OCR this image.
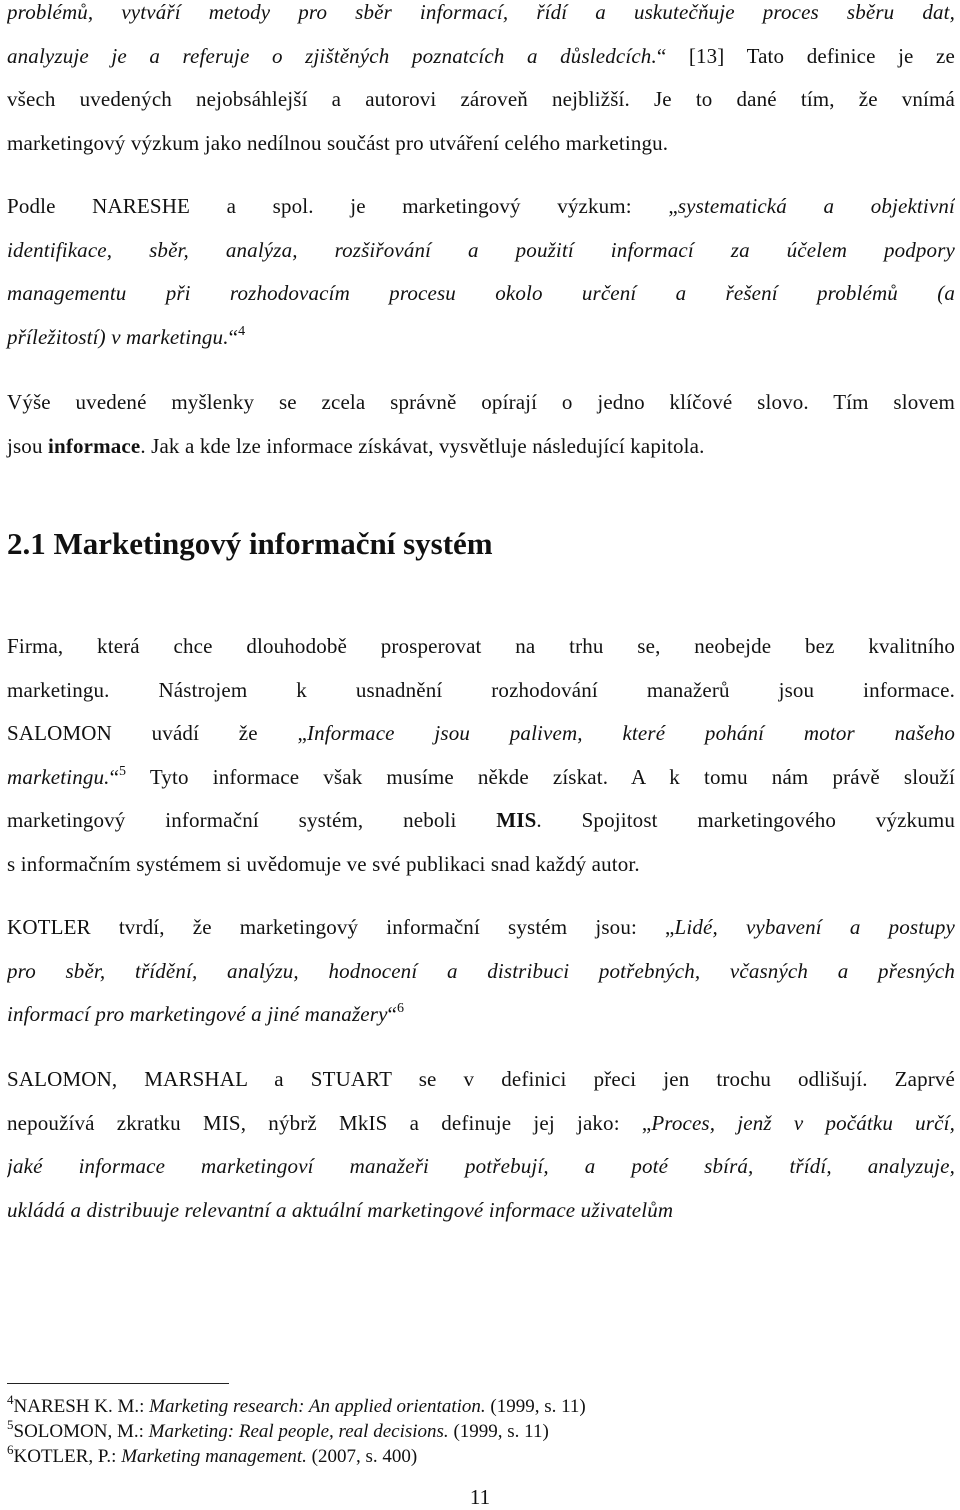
problémů, vytváří metody pro sběr informací, řídí a uskutečňuje proces sběru dat,
analyzuje je a referuje o zjištěných poznatcích a důsledcích.“ [13] Tato definice je ze
všech uvedených nejobsáhlejší a autorovi zároveň nejbližší. Je to dané tím, že vnímá
marketingový výzkum jako nedílnou součást pro utváření celého marketingu.
Podle NARESHE a spol. je marketingový výzkum: „systematická a objektivní
identifikace, sběr, analýza, rozšiřování a použití informací za účelem podpory
managementu při rozhodovacím procesu okolo určení a řešení problémů (a
příležitostí) v marketingu.“$^4$
Výše uvedené myšlenky se zcela správně opírají o jedno klíčové slovo. Tím slovem
jsou informace. Jak a kde lze informace získávat, vysvětluje následující kapitola.
2.1 Marketingový informační systém
Firma, která chce dlouhodobě prosperovat na trhu se, neobejde bez kvalitního
marketingu. Nástrojem k usnadnění rozhodování manažerů jsou informace.
SALOMON uvádí že „Informace jsou palivem, které pohání motor našeho
marketingu.“$^5$ Tyto informace však musíme někde získat. A k tomu nám právě slouží
marketingový informační systém, neboli MIS. Spojitost marketingového výzkumu
s informačním systémem si uvědomuje ve své publikaci snad každý autor.
KOTLER tvrdí, že marketingový informační systém jsou: „Lidé, vybavení a postupy
pro sběr, třídění, analýzu, hodnocení a distribuci potřebných, včasných a přesných
informací pro marketingové a jiné manažery“$^6$
SALOMON, MARSHAL a STUART se v definici přeci jen trochu odlišují. Zaprvé
nepoužívá zkratku MIS, nýbrž MkIS a definuje jej jako: „Proces, jenž v počátku určí,
jaké informace marketingoví manažeři potřebují, a poté sbírá, třídí, analyzuje,
ukládá a distribuuje relevantní a aktuální marketingové informace uživatelům
$^4$NARESH K. M.: Marketing research: An applied orientation. (1999, s. 11)
$^5$SOLOMON, M.: Marketing: Real people, real decisions. (1999, s. 11)
$^6$KOTLER, P.: Marketing management. (2007, s. 400)
11
